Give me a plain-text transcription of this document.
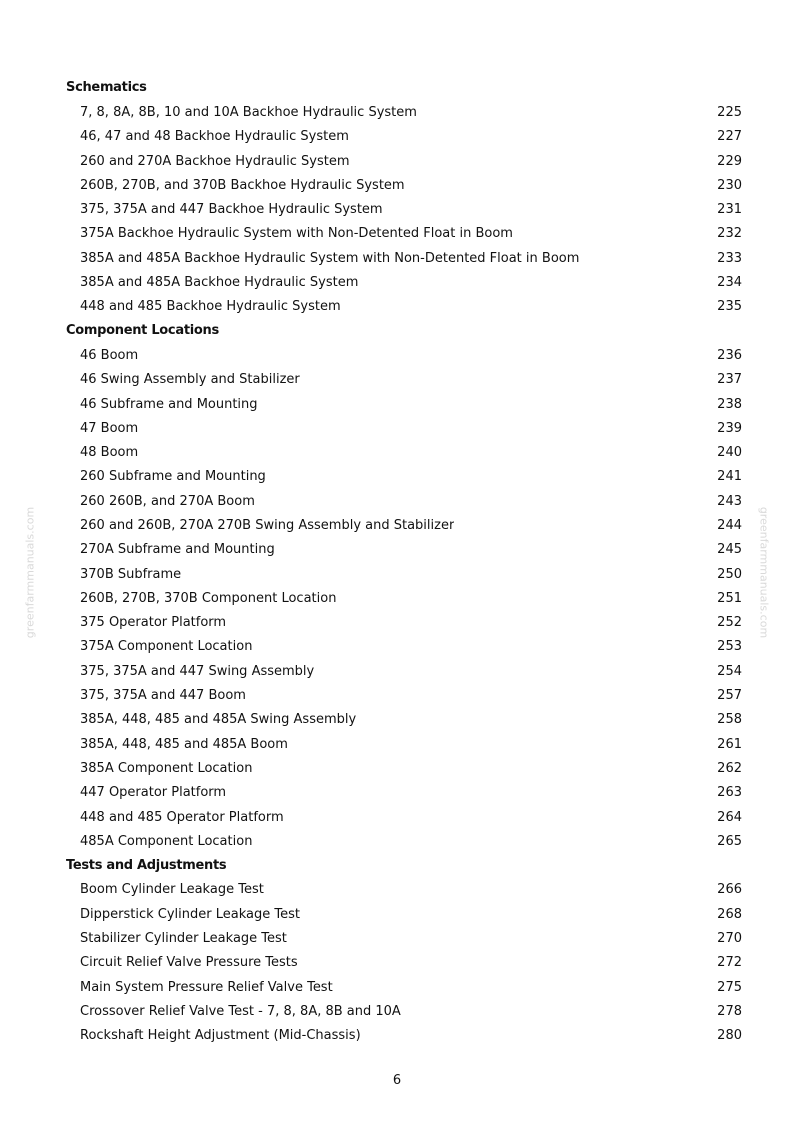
Schematics
7, 8, 8A, 8B, 10 and 10A Backhoe Hydraulic System	225
46, 47 and 48 Backhoe Hydraulic System	227
260 and 270A Backhoe Hydraulic System	229
260B, 270B, and 370B Backhoe Hydraulic System	230
375, 375A and 447 Backhoe Hydraulic System	231
375A Backhoe Hydraulic System with Non-Detented Float in Boom	232
385A and 485A Backhoe Hydraulic System with Non-Detented Float in Boom	233
385A and 485A Backhoe Hydraulic System	234
448 and 485 Backhoe Hydraulic System	235
Component Locations
46 Boom	236
46 Swing Assembly and Stabilizer	237
46 Subframe and Mounting	238
47 Boom	239
48 Boom	240
260 Subframe and Mounting	241
260 260B, and 270A Boom	243
260 and 260B, 270A 270B Swing Assembly and Stabilizer	244
270A Subframe and Mounting	245
370B Subframe	250
260B, 270B, 370B Component Location	251
375 Operator Platform	252
375A Component Location	253
375, 375A and 447 Swing Assembly	254
375, 375A and 447 Boom	257
385A, 448, 485 and 485A Swing Assembly	258
385A, 448, 485 and 485A Boom	261
385A Component Location	262
447 Operator Platform	263
448 and 485 Operator Platform	264
485A Component Location	265
Tests and Adjustments
Boom Cylinder Leakage Test	266
Dipperstick Cylinder Leakage Test	268
Stabilizer Cylinder Leakage Test	270
Circuit Relief Valve Pressure Tests	272
Main System Pressure Relief Valve Test	275
Crossover Relief Valve Test - 7, 8, 8A, 8B and 10A	278
Rockshaft Height Adjustment (Mid-Chassis)	280
6
greenfarmmanuals.com	greenfarmmanuals.com
